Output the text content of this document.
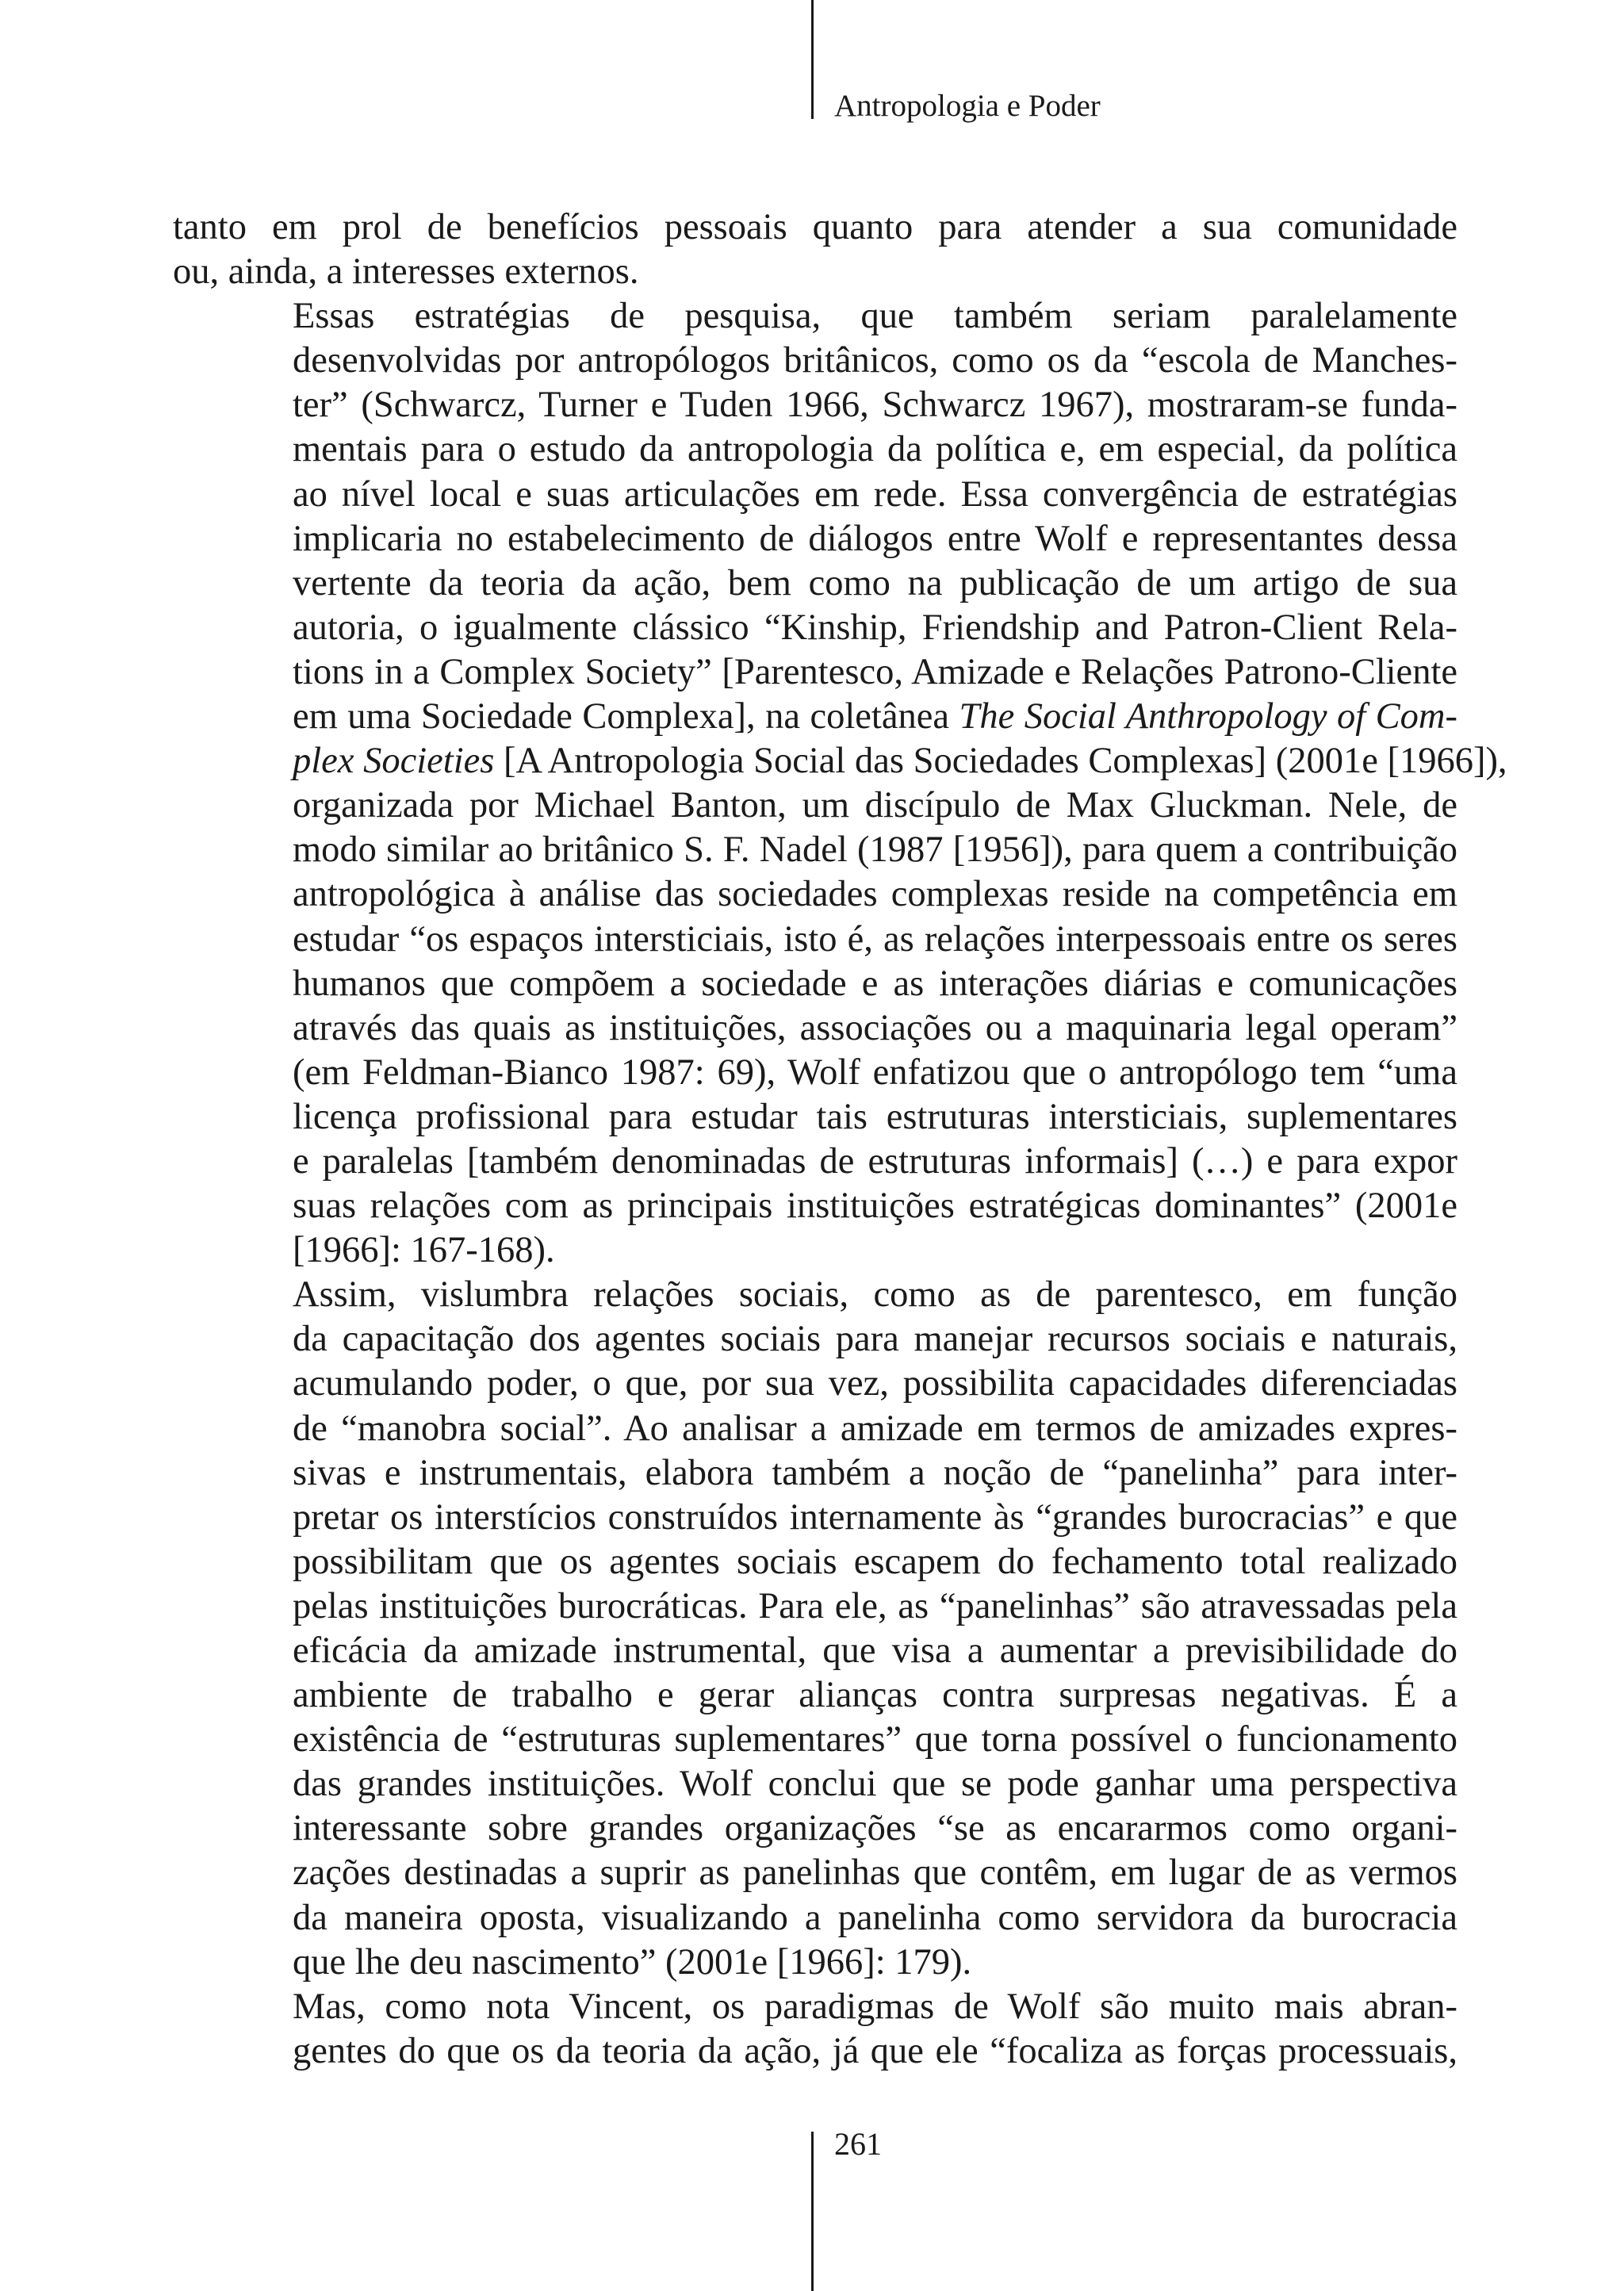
Antropologia e Poder

tanto em prol de benefícios pessoais quanto para atender a sua comunidade
ou, ainda, a interesses externos.

Essas estratégias de pesquisa, que também seriam paralelamente
desenvolvidas por antropólogos britânicos, como os da “escola de Manches-
ter” (Schwarcz, Turner e Tuden 1966, Schwarcz 1967), mostraram-se funda-
mentais para o estudo da antropologia da política e, em especial, da política
ao nível local e suas articulações em rede. Essa convergência de estratégias
implicaria no estabelecimento de diálogos entre Wolf e representantes dessa
vertente da teoria da ação, bem como na publicação de um artigo de sua
autoria, o igualmente clássico “Kinship, Friendship and Patron-Client Rela-
tions in a Complex Society” [Parentesco, Amizade e Relações Patrono-Cliente
em uma Sociedade Complexa], na coletânea The Social Anthropology of Com-
plex Societies [A Antropologia Social das Sociedades Complexas] (2001e [1966]),
organizada por Michael Banton, um discípulo de Max Gluckman. Nele, de
modo similar ao britânico S. F. Nadel (1987 [1956]), para quem a contribuição
antropológica à análise das sociedades complexas reside na competência em
estudar “os espaços intersticiais, isto é, as relações interpessoais entre os seres
humanos que compõem a sociedade e as interações diárias e comunicações
através das quais as instituições, associações ou a maquinaria legal operam”
(em Feldman-Bianco 1987: 69), Wolf enfatizou que o antropólogo tem “uma
licença profissional para estudar tais estruturas intersticiais, suplementares
e paralelas [também denominadas de estruturas informais] (…) e para expor
suas relações com as principais instituições estratégicas dominantes” (2001e
[1966]: 167-168).

Assim, vislumbra relações sociais, como as de parentesco, em função
da capacitação dos agentes sociais para manejar recursos sociais e naturais,
acumulando poder, o que, por sua vez, possibilita capacidades diferenciadas
de “manobra social”. Ao analisar a amizade em termos de amizades expres-
sivas e instrumentais, elabora também a noção de “panelinha” para inter-
pretar os interstícios construídos internamente às “grandes burocracias” e que
possibilitam que os agentes sociais escapem do fechamento total realizado
pelas instituições burocráticas. Para ele, as “panelinhas” são atravessadas pela
eficácia da amizade instrumental, que visa a aumentar a previsibilidade do
ambiente de trabalho e gerar alianças contra surpresas negativas. É a
existência de “estruturas suplementares” que torna possível o funcionamento
das grandes instituições. Wolf conclui que se pode ganhar uma perspectiva
interessante sobre grandes organizações “se as encararmos como organi-
zações destinadas a suprir as panelinhas que contêm, em lugar de as vermos
da maneira oposta, visualizando a panelinha como servidora da burocracia
que lhe deu nascimento” (2001e [1966]: 179).

Mas, como nota Vincent, os paradigmas de Wolf são muito mais abran-
gentes do que os da teoria da ação, já que ele “focaliza as forças processuais,

261
